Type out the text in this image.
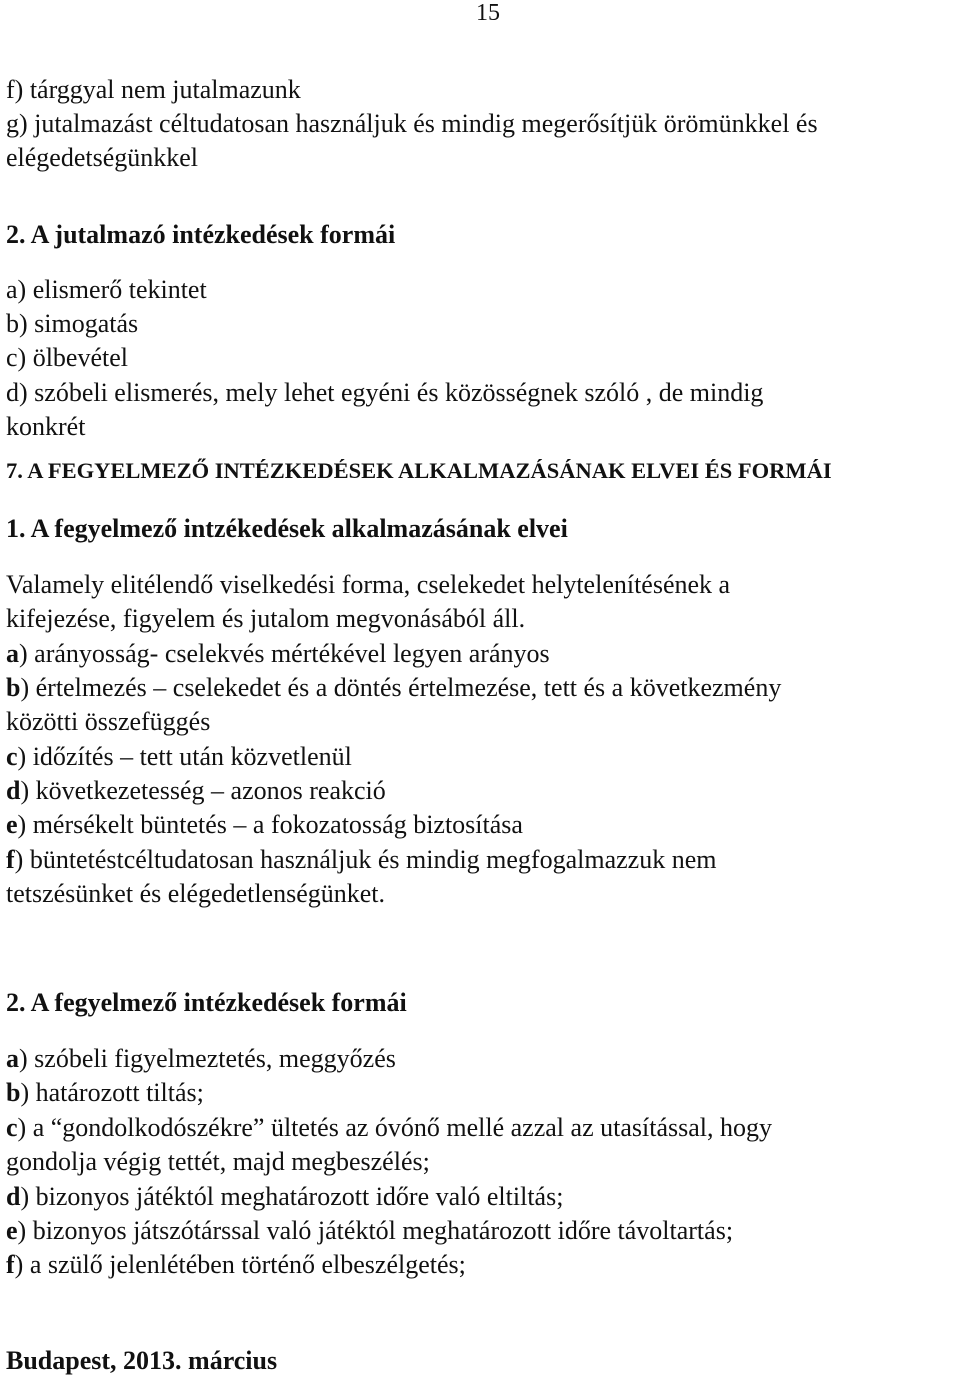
15
f) tárggyal nem jutalmazunk
g) jutalmazást céltudatosan használjuk és mindig megerősítjük örömünkkel és
elégedetségünkkel
2. A jutalmazó intézkedések formái
a) elismerő tekintet
b) simogatás
c) ölbevétel
d) szóbeli elismerés, mely lehet egyéni és közösségnek szóló , de mindig
konkrét
7. A FEGYELMEZŐ INTÉZKEDÉSEK ALKALMAZÁSÁNAK ELVEI ÉS FORMÁI
1. A fegyelmező intzékedések alkalmazásának elvei
Valamely elitélendő viselkedési forma, cselekedet helytelenítésének a
kifejezése, figyelem és jutalom megvonásából áll.
a) arányosság- cselekvés mértékével legyen arányos
b) értelmezés – cselekedet és a döntés értelmezése, tett és a következmény
közötti összefüggés
c) időzítés – tett után közvetlenül
d) következetesség – azonos reakció
e) mérsékelt büntetés – a fokozatosság biztosítása
f) büntetéstcéltudatosan használjuk és mindig megfogalmazzuk nem
tetszésünket és elégedetlenségünket.
2. A fegyelmező intézkedések formái
a) szóbeli figyelmeztetés, meggyőzés
b) határozott tiltás;
c) a “gondolkodószékre” ültetés az óvónő mellé azzal az utasítással, hogy
gondolja végig tettét, majd megbeszélés;
d) bizonyos játéktól meghatározott időre való eltiltás;
e) bizonyos játszótárssal való játéktól meghatározott időre távoltartás;
f) a szülő jelenlétében történő elbeszélgetés;
Budapest, 2013. március
